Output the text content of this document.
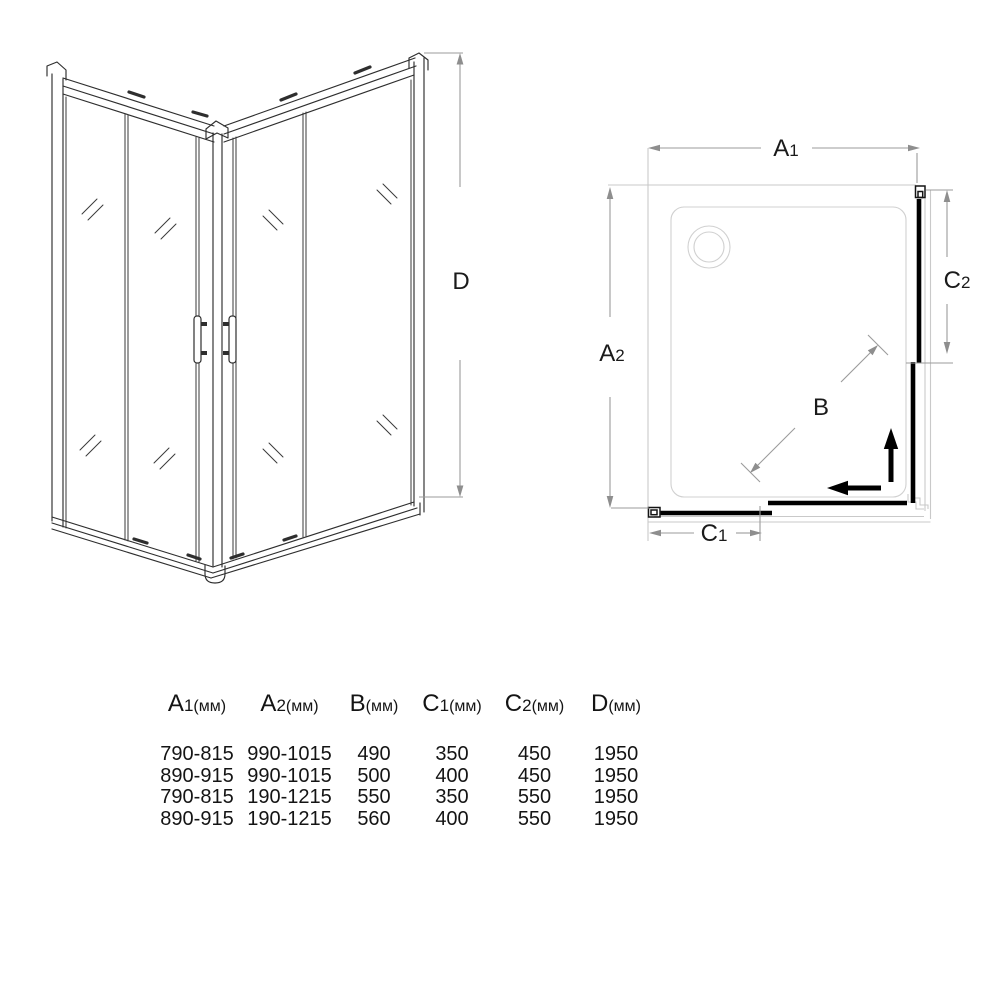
D
A1
A2
C2
C1
B
A1(мм)	A2(мм)	B(мм)	C1(мм)	C2(мм)	D(мм)
790-815	990-1015	490	350	450	1950
890-915	990-1015	500	400	450	1950
790-815	190-1215	550	350	550	1950
890-915	190-1215	560	400	550	1950
